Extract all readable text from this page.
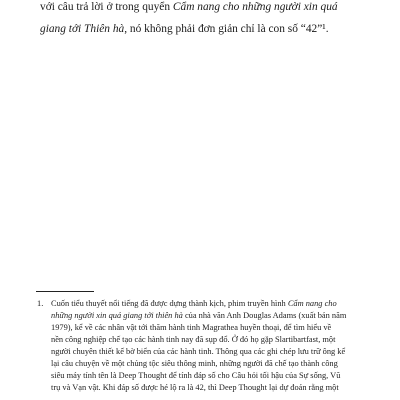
với câu trả lời ở trong quyển Cẩm nang cho những người xin quá
giang tới Thiên hà, nó không phải đơn giản chỉ là con số “42”¹.

1. Cuốn tiểu thuyết nổi tiếng đã được dựng thành kịch, phim truyền hình Cẩm nang cho
những người xin quá giang tới thiên hà của nhà văn Anh Douglas Adams (xuất bản năm
1979), kể về các nhân vật tới thăm hành tinh Magrathea huyền thoại, để tìm hiểu về
nền công nghiệp chế tạo các hành tinh nay đã sụp đổ. Ở đó họ gặp Slartibartfast, một
người chuyên thiết kế bờ biển của các hành tinh. Thông qua các ghi chép lưu trữ ông kể
lại câu chuyện về một chủng tộc siêu thông minh, những người đã chế tạo thành công
siêu máy tính tên là Deep Thought để tính đáp số cho Câu hỏi tối hậu của Sự sống, Vũ
trụ và Vạn vật. Khi đáp số được hé lộ ra là 42, thì Deep Thought lại dự đoán rằng một
